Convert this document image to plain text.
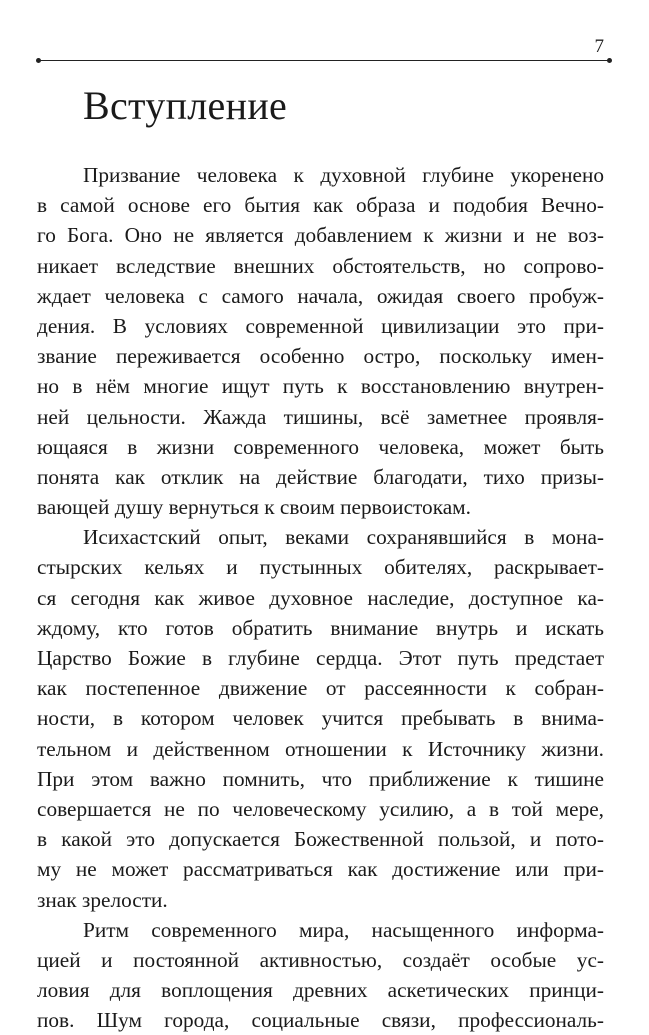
7
Вступление
Призвание человека к духовной глубине укоренено
в самой основе его бытия как образа и подобия Вечно-
го Бога. Оно не является добавлением к жизни и не воз-
никает вследствие внешних обстоятельств, но сопрово-
ждает человека с самого начала, ожидая своего пробуж-
дения. В условиях современной цивилизации это при-
звание переживается особенно остро, поскольку имен-
но в нём многие ищут путь к восстановлению внутрен-
ней цельности. Жажда тишины, всё заметнее проявля-
ющаяся в жизни современного человека, может быть
понята как отклик на действие благодати, тихо призы-
вающей душу вернуться к своим первоистокам.
Исихастский опыт, веками сохранявшийся в мона-
стырских кельях и пустынных обителях, раскрывает-
ся сегодня как живое духовное наследие, доступное ка-
ждому, кто готов обратить внимание внутрь и искать
Царство Божие в глубине сердца. Этот путь предстает
как постепенное движение от рассеянности к собран-
ности, в котором человек учится пребывать в внима-
тельном и действенном отношении к Источнику жизни.
При этом важно помнить, что приближение к тишине
совершается не по человеческому усилию, а в той мере,
в какой это допускается Божественной пользой, и пото-
му не может рассматриваться как достижение или при-
знак зрелости.
Ритм современного мира, насыщенного информа-
цией и постоянной активностью, создаёт особые ус-
ловия для воплощения древних аскетических принци-
пов. Шум города, социальные связи, профессиональ-
